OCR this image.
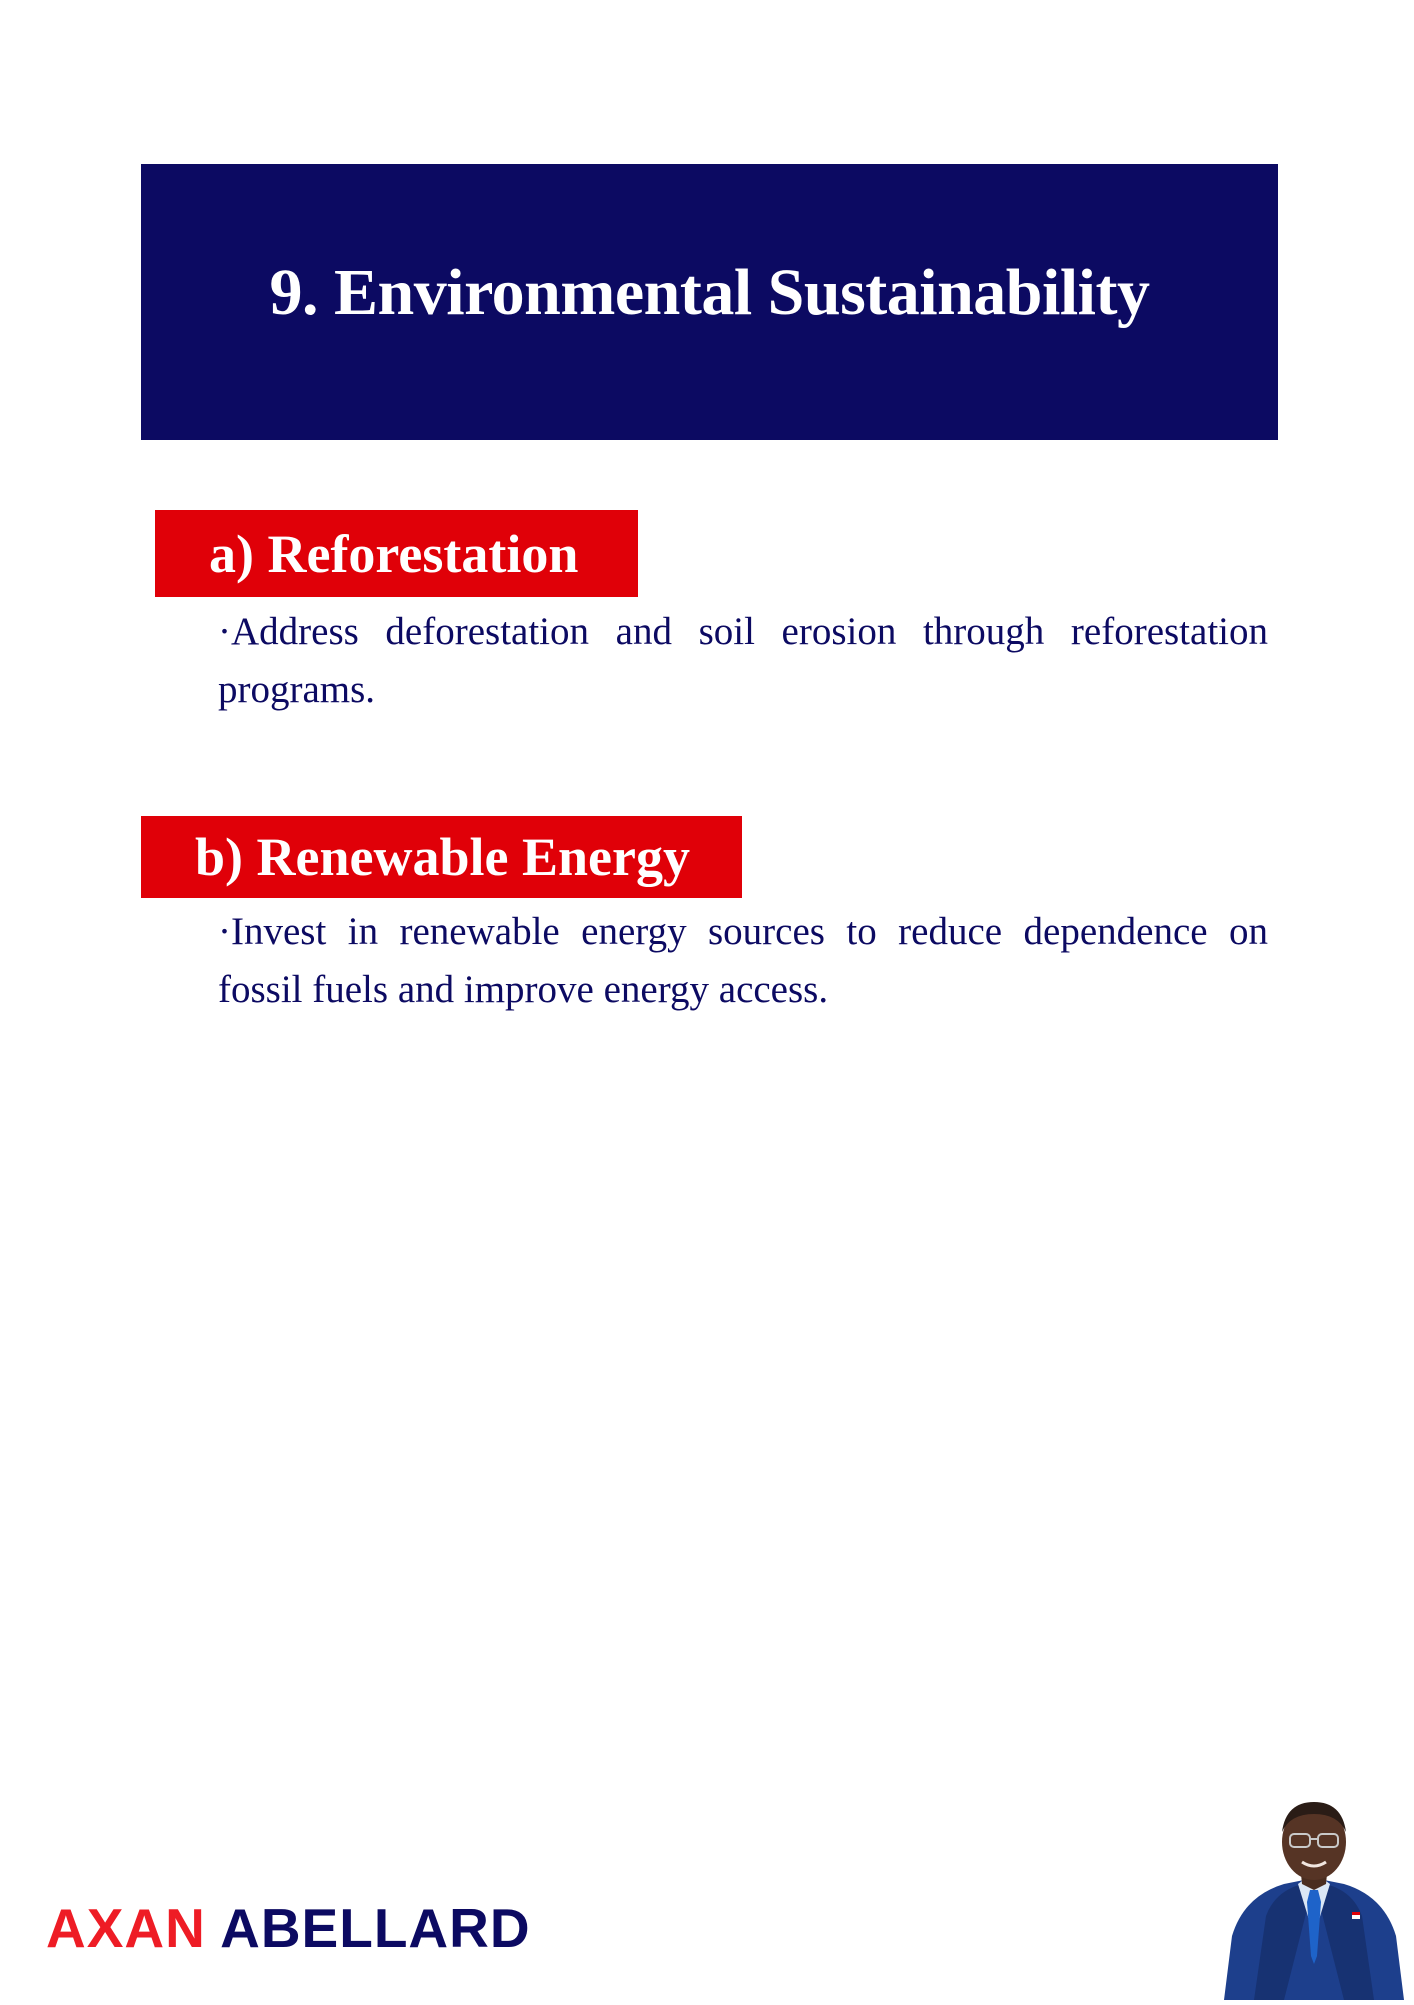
9. Environmental Sustainability
a) Reforestation
·Address deforestation and soil erosion through reforestation programs.
b) Renewable Energy
·Invest in renewable energy sources to reduce dependence on fossil fuels and improve energy access.
AXAN ABELLARD
